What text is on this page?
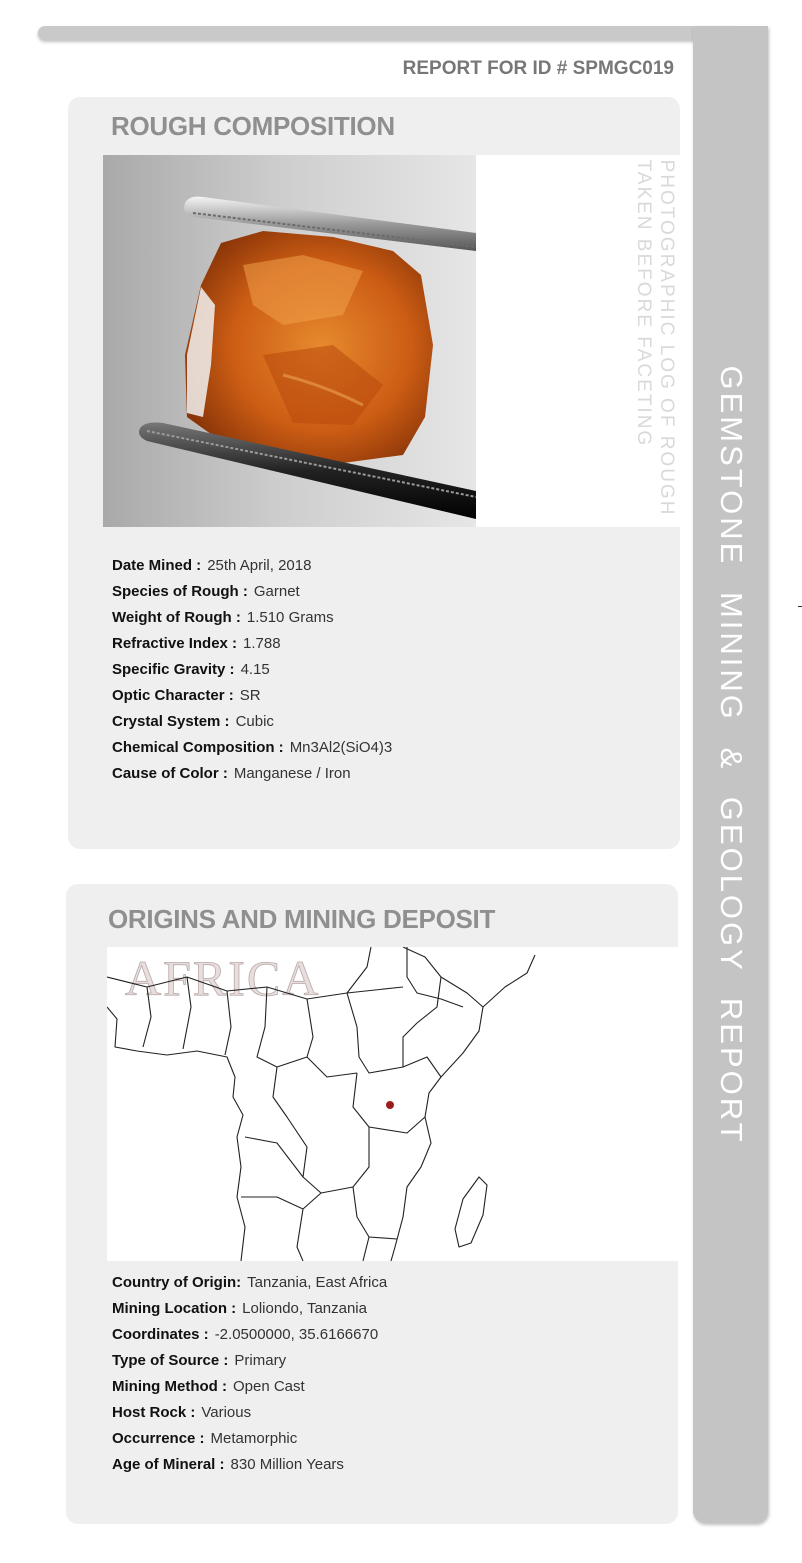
GEMSTONE MINING & GEOLOGY REPORT
REPORT FOR ID # SPMGC019
ROUGH COMPOSITION
PHOTOGRAPHIC LOG OF ROUGH
TAKEN BEFORE FACETING
Date Mined : 25th April, 2018
Species of Rough : Garnet
Weight of Rough : 1.510 Grams
Refractive Index : 1.788
Specific Gravity : 4.15
Optic Character : SR
Crystal System : Cubic
Chemical Composition : Mn3Al2(SiO4)3
Cause of Color : Manganese / Iron
ORIGINS AND MINING DEPOSIT
AFRICA
Country of Origin: Tanzania, East Africa
Mining Location : Loliondo, Tanzania
Coordinates : -2.0500000, 35.6166670
Type of Source : Primary
Mining Method : Open Cast
Host Rock : Various
Occurrence : Metamorphic
Age of Mineral : 830 Million Years
